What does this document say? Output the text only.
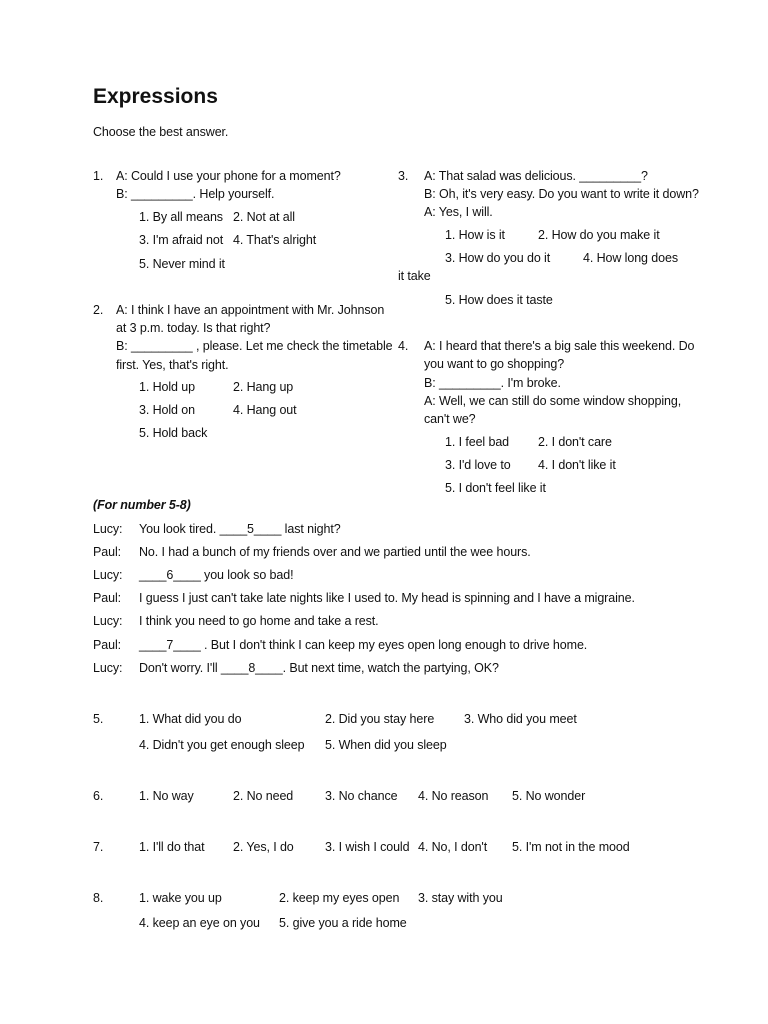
Expressions
Choose the best answer.
1. A: Could I use your phone for a moment?
B: _________. Help yourself.
1. By all means 2. Not at all
3. I'm afraid not 4. That's alright
5. Never mind it
2. A: I think I have an appointment with Mr. Johnson
at 3 p.m. today. Is that right?
B: _________ , please. Let me check the timetable
first. Yes, that's right.
1. Hold up	2. Hang up
3. Hold on	4. Hang out
5. Hold back
3. A: That salad was delicious. _________?
B: Oh, it's very easy. Do you want to write it down?
A: Yes, I will.
1. How is it	2. How do you make it
3. How do you do it	4. How long does
it take
5. How does it taste
4. A: I heard that there's a big sale this weekend. Do
you want to go shopping?
B: _________. I'm broke.
A: Well, we can still do some window shopping,
can't we?
1. I feel bad 2. I don't care
3. I'd love to 4. I don't like it
5. I don't feel like it
(For number 5-8)
Lucy: You look tired. ____5____ last night?
Paul: No. I had a bunch of my friends over and we partied until the wee hours.
Lucy: ____6____ you look so bad!
Paul: I guess I just can't take late nights like I used to. My head is spinning and I have a migraine.
Lucy: I think you need to go home and take a rest.
Paul: ____7____ . But I don't think I can keep my eyes open long enough to drive home.
Lucy: Don't worry. I'll ____8____. But next time, watch the partying, OK?
5.	1. What did you do	2. Did you stay here 3. Who did you meet
4. Didn't you get enough sleep 5. When did you sleep
6.	1. No way	2. No need	3. No chance 4. No reason 5. No wonder
7.	1. I'll do that 2. Yes, I do	3. I wish I could 4. No, I don't 5. I'm not in the mood
8.	1. wake you up	2. keep my eyes open 3. stay with you
4. keep an eye on you 5. give you a ride home
